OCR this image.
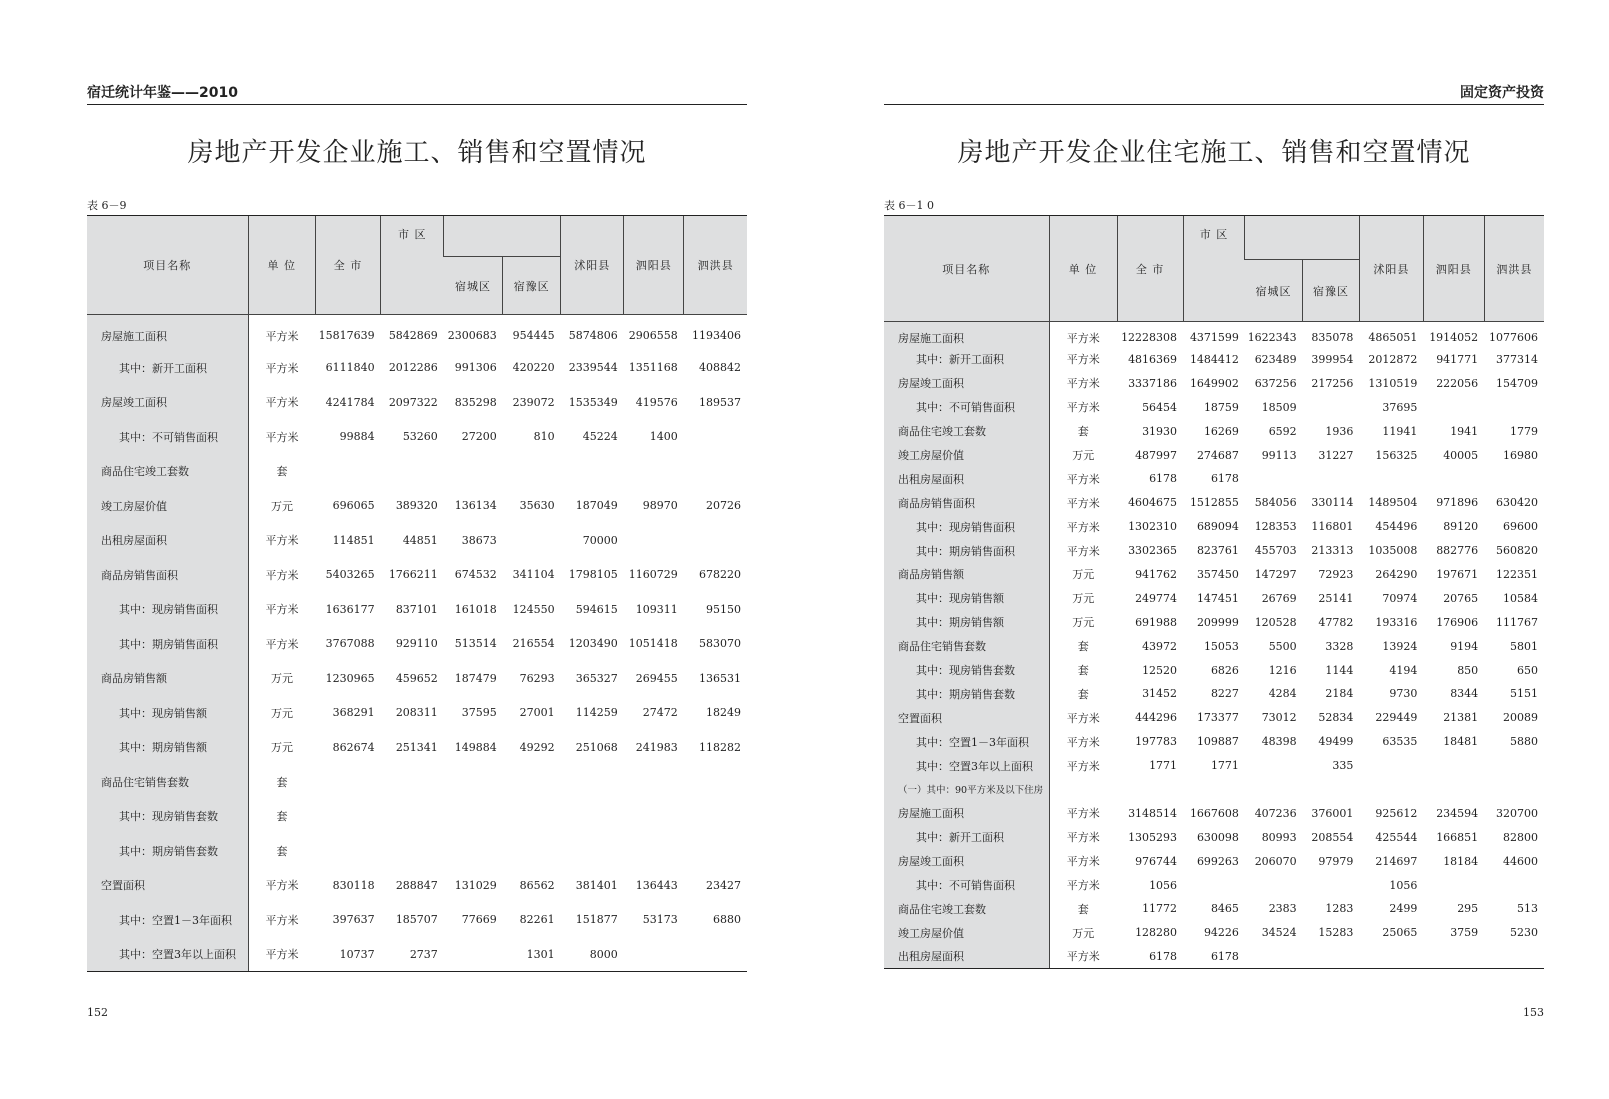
宿迁统计年鉴——2010
房地产开发企业施工、销售和空置情况
表 6－9
项目名称	单 位	全 市	市 区			沭阳县	泗阳县	泗洪县
				宿城区	宿豫区			
房屋施工面积	平方米	15817639	5842869	2300683	954445	5874806	2906558	1193406
其中：新开工面积	平方米	6111840	2012286	991306	420220	2339544	1351168	408842
房屋竣工面积	平方米	4241784	2097322	835298	239072	1535349	419576	189537
其中：不可销售面积	平方米	99884	53260	27200	810	45224	1400	
商品住宅竣工套数	套							
竣工房屋价值	万元	696065	389320	136134	35630	187049	98970	20726
出租房屋面积	平方米	114851	44851	38673		70000		
商品房销售面积	平方米	5403265	1766211	674532	341104	1798105	1160729	678220
其中：现房销售面积	平方米	1636177	837101	161018	124550	594615	109311	95150
其中：期房销售面积	平方米	3767088	929110	513514	216554	1203490	1051418	583070
商品房销售额	万元	1230965	459652	187479	76293	365327	269455	136531
其中：现房销售额	万元	368291	208311	37595	27001	114259	27472	18249
其中：期房销售额	万元	862674	251341	149884	49292	251068	241983	118282
商品住宅销售套数	套							
其中：现房销售套数	套							
其中：期房销售套数	套							
空置面积	平方米	830118	288847	131029	86562	381401	136443	23427
其中：空置1－3年面积	平方米	397637	185707	77669	82261	151877	53173	6880
其中：空置3年以上面积	平方米	10737	2737		1301	8000		
152
固定资产投资
房地产开发企业住宅施工、销售和空置情况
表 6－1 0
项目名称	单 位	全 市	市 区			沭阳县	泗阳县	泗洪县
				宿城区	宿豫区			
房屋施工面积	平方米	12228308	4371599	1622343	835078	4865051	1914052	1077606
其中：新开工面积	平方米	4816369	1484412	623489	399954	2012872	941771	377314
房屋竣工面积	平方米	3337186	1649902	637256	217256	1310519	222056	154709
其中：不可销售面积	平方米	56454	18759	18509		37695		
商品住宅竣工套数	套	31930	16269	6592	1936	11941	1941	1779
竣工房屋价值	万元	487997	274687	99113	31227	156325	40005	16980
出租房屋面积	平方米	6178	6178					
商品房销售面积	平方米	4604675	1512855	584056	330114	1489504	971896	630420
其中：现房销售面积	平方米	1302310	689094	128353	116801	454496	89120	69600
其中：期房销售面积	平方米	3302365	823761	455703	213313	1035008	882776	560820
商品房销售额	万元	941762	357450	147297	72923	264290	197671	122351
其中：现房销售额	万元	249774	147451	26769	25141	70974	20765	10584
其中：期房销售额	万元	691988	209999	120528	47782	193316	176906	111767
商品住宅销售套数	套	43972	15053	5500	3328	13924	9194	5801
其中：现房销售套数	套	12520	6826	1216	1144	4194	850	650
其中：期房销售套数	套	31452	8227	4284	2184	9730	8344	5151
空置面积	平方米	444296	173377	73012	52834	229449	21381	20089
其中：空置1－3年面积	平方米	197783	109887	48398	49499	63535	18481	5880
其中：空置3年以上面积	平方米	1771	1771		335			
（一）其中：90平方米及以下住房								
房屋施工面积	平方米	3148514	1667608	407236	376001	925612	234594	320700
其中：新开工面积	平方米	1305293	630098	80993	208554	425544	166851	82800
房屋竣工面积	平方米	976744	699263	206070	97979	214697	18184	44600
其中：不可销售面积	平方米	1056				1056		
商品住宅竣工套数	套	11772	8465	2383	1283	2499	295	513
竣工房屋价值	万元	128280	94226	34524	15283	25065	3759	5230
出租房屋面积	平方米	6178	6178					
153
